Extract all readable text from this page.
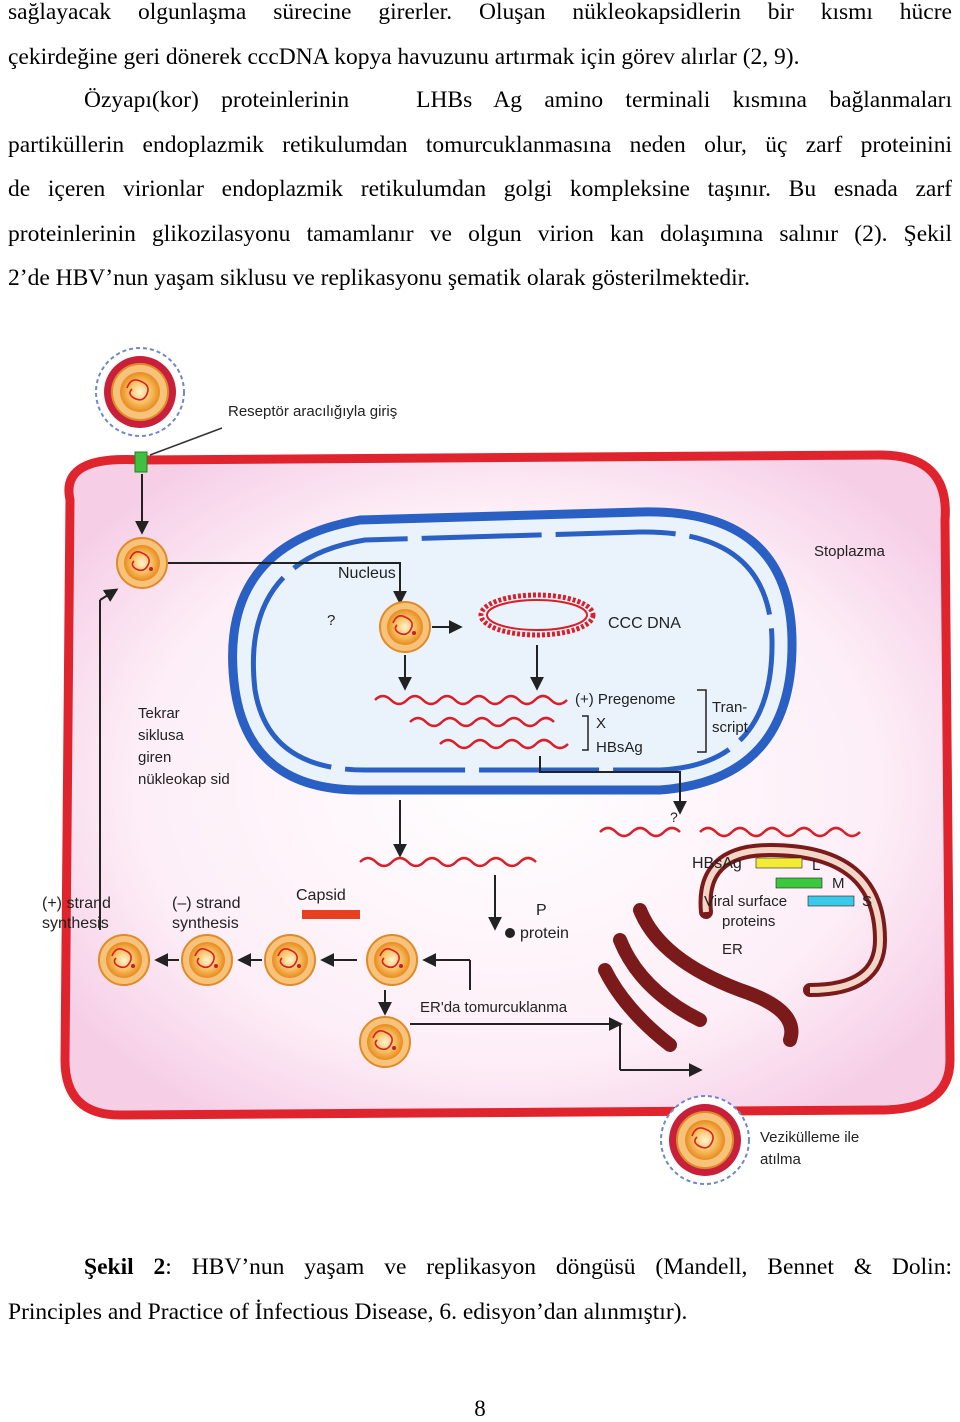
sağlayacak olgunlaşma sürecine girerler. Oluşan nükleokapsidlerin bir kısmı hücre
çekirdeğine geri dönerek cccDNA kopya havuzunu artırmak için görev alırlar (2, 9).
Özyapı(kor) proteinlerinin   LHBs Ag amino terminali kısmına bağlanmaları
partiküllerin endoplazmik retikulumdan tomurcuklanmasına neden olur, üç zarf proteinini
de içeren virionlar endoplazmik retikulumdan golgi kompleksine taşınır. Bu esnada zarf
proteinlerinin glikozilasyonu tamamlanır ve olgun virion kan dolaşımına salınır (2). Şekil
2’de HBV’nun yaşam siklusu ve replikasyonu şematik olarak gösterilmektedir.
Reseptör aracılığıyla giriş
?
Stoplazma
Nucleus
CCC DNA
(+) Pregenome
X
HBsAg
Tran-
script
?
Tekrar
siklusa
giren
nükleokap sid
Capsid
P
protein
(+) strand
synthesis
(–) strand
synthesis
ER'da tomurcuklanma
HBsAg	L
M
S
Viral surface
proteins
ER
Vezikülleme ile
atılma
Şekil 2: HBV’nun yaşam ve replikasyon döngüsü (Mandell, Bennet & Dolin:
Principles and Practice of İnfectious Disease, 6. edisyon’dan alınmıştır).
8
